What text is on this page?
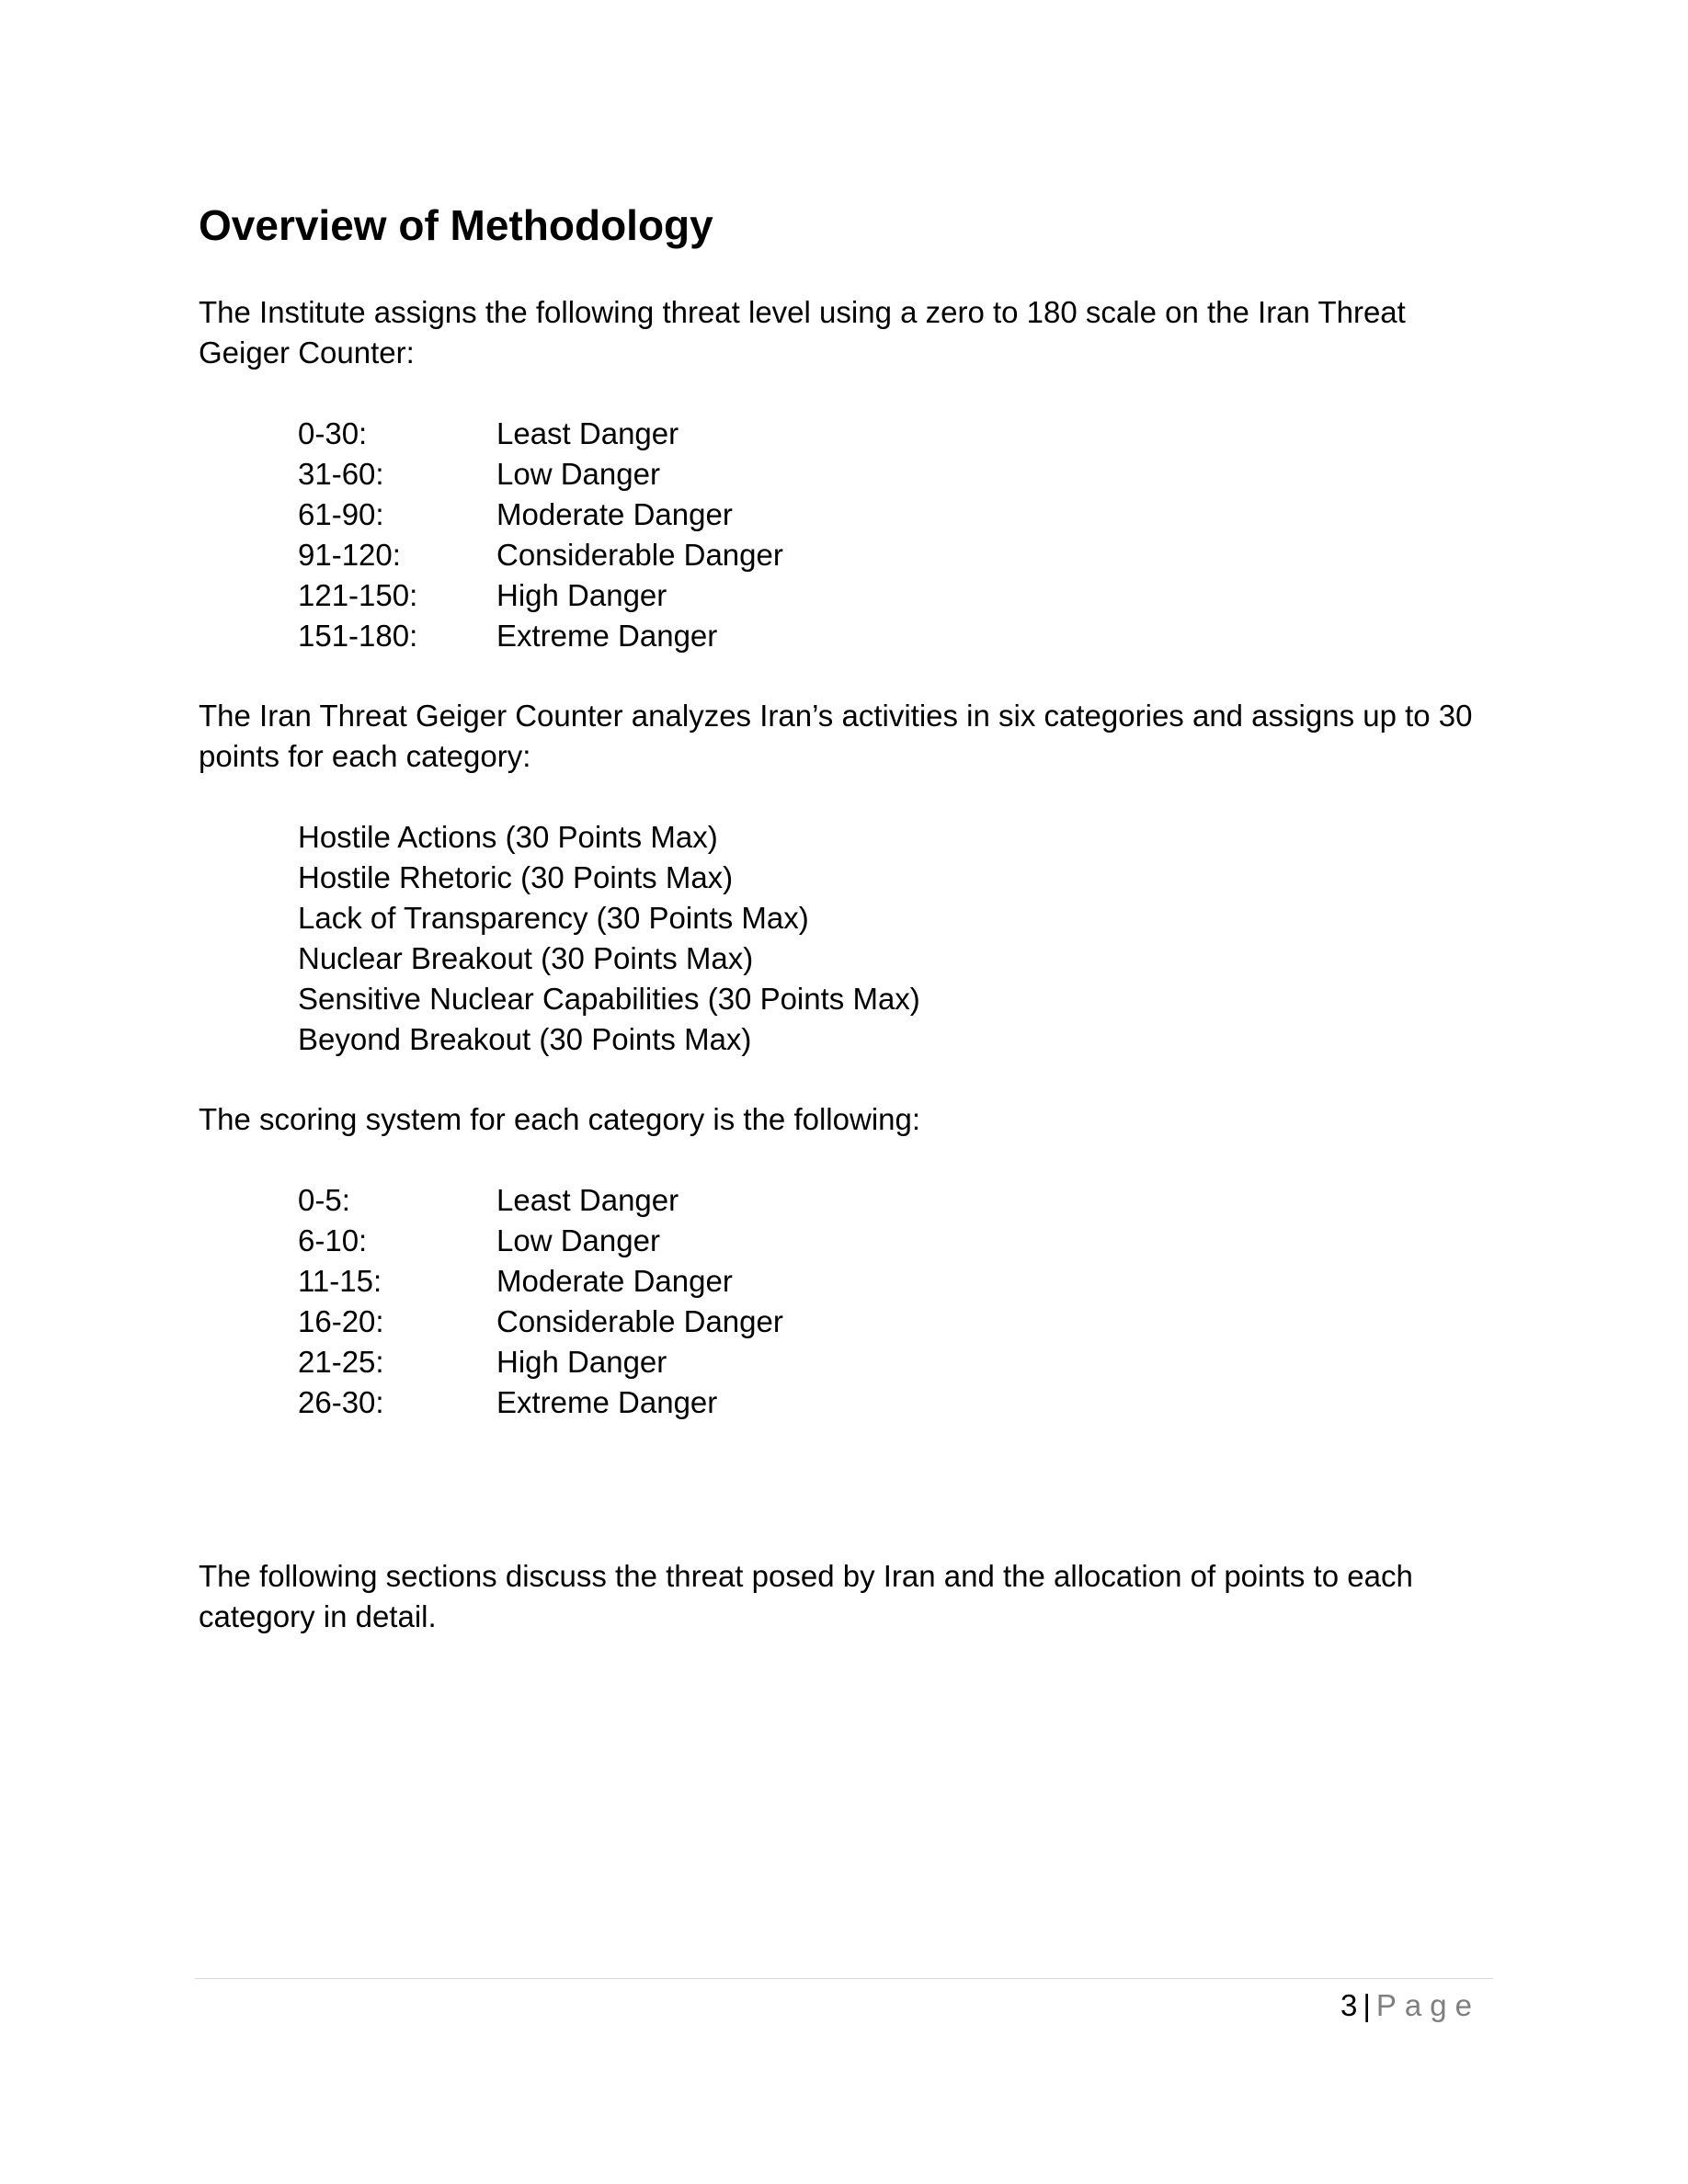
Overview of Methodology

The Institute assigns the following threat level using a zero to 180 scale on the Iran Threat Geiger Counter:

0-30:	Least Danger
31-60:	Low Danger
61-90:	Moderate Danger
91-120:	Considerable Danger
121-150:	High Danger
151-180:	Extreme Danger

The Iran Threat Geiger Counter analyzes Iran’s activities in six categories and assigns up to 30 points for each category:

Hostile Actions (30 Points Max)
Hostile Rhetoric (30 Points Max)
Lack of Transparency (30 Points Max)
Nuclear Breakout (30 Points Max)
Sensitive Nuclear Capabilities (30 Points Max)
Beyond Breakout (30 Points Max)

The scoring system for each category is the following:

0-5:	Least Danger
6-10:	Low Danger
11-15:	Moderate Danger
16-20:	Considerable Danger
21-25:	High Danger
26-30:	Extreme Danger

The following sections discuss the threat posed by Iran and the allocation of points to each category in detail.

3 | Page
